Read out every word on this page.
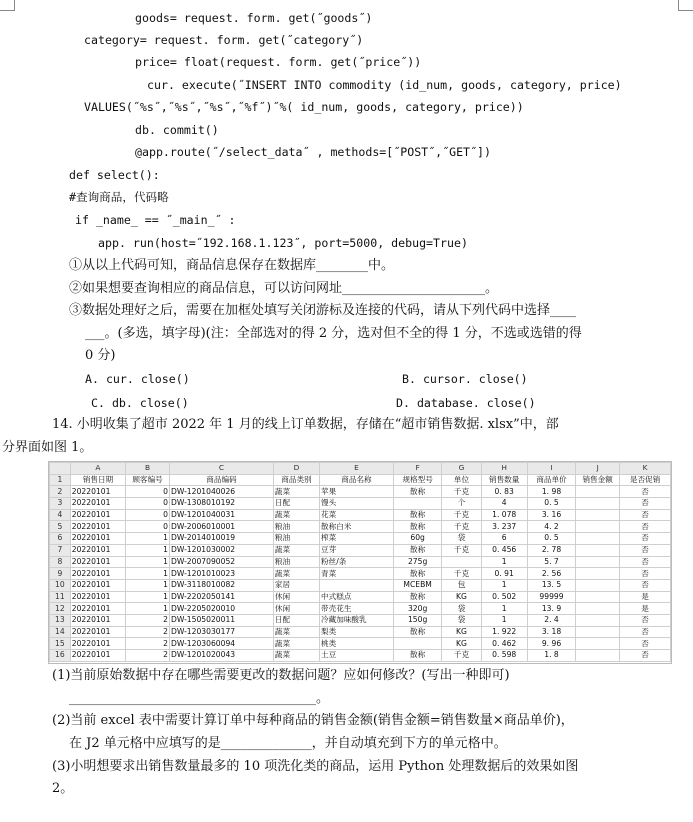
goods= request. form. get(˝goods˝)
category= request. form. get(˝category˝)
price= float(request. form. get(˝price˝))
cur. execute(˝INSERT INTO commodity (id_num, goods, category, price)
VALUES(˝%s˝,˝%s˝,˝%s˝,˝%f˝)˝%( id_num, goods, category, price))
db. commit()
@app.route(˝/select_data˝ , methods=[˝POST˝,˝GET˝])
def select():
#查询商品，代码略
if _name_ == ˝_main_˝ :
app. run(host=˝192.168.1.123˝, port=5000, debug=True)
①从以上代码可知，商品信息保存在数据库________中。
②如果想要查询相应的商品信息，可以访问网址______________________。
③数据处理好之后，需要在加框处填写关闭游标及连接的代码，请从下列代码中选择____
___。(多选，填字母)(注：全部选对的得 2 分，选对但不全的得 1 分，不选或选错的得
0 分)
A. cur. close()	B. cursor. close()
C. db. close()	D. database. close()
14. 小明收集了超市 2022 年 1 月的线上订单数据，存储在“超市销售数据. xlsx”中，部
分界面如图 1。
	A	B	C	D	E	F	G	H	I	J	K
1	销售日期	顾客编号	商品编码	商品类别	商品名称	规格型号	单位	销售数量	商品单价	销售金额	是否促销
2	20220101	0	DW-1201040026	蔬菜	苹果	散称	千克	0. 83	1. 98		否
3	20220101	0	DW-1308010192	日配	馒头		个	4	0. 5		否
4	20220101	0	DW-1201040031	蔬菜	花菜	散称	千克	1. 078	3. 16		否
5	20220101	0	DW-2006010001	粮油	散称白米	散称	千克	3. 237	4. 2		否
6	20220101	1	DW-2014010019	粮油	榨菜	60g	袋	6	0. 5		否
7	20220101	1	DW-1201030002	蔬菜	豆芽	散称	千克	0. 456	2. 78		否
8	20220101	1	DW-2007090052	粮油	粉丝/条	275g		1	5. 7		否
9	20220101	1	DW-1201010023	蔬菜	青菜	散称	千克	0. 91	2. 56		否
10	20220101	1	DW-3118010082	家居		MCEBM	包	1	13. 5		否
11	20220101	1	DW-2202050141	休闲	中式糕点	散称	KG	0. 502	99999		是
12	20220101	1	DW-2205020010	休闲	带壳花生	320g	袋	1	13. 9		是
13	20220101	2	DW-1505020011	日配	冷藏加味酸乳	150g	袋	1	2. 4		否
14	20220101	2	DW-1203030177	蔬菜	梨类	散称	KG	1. 922	3. 18		否
15	20220101	2	DW-1203060094	蔬菜	桃类		KG	0. 462	9. 96		否
16	20220101	2	DW-1201020043	蔬菜	土豆	散称	千克	0. 598	1. 8		否
(1)当前原始数据中存在哪些需要更改的数据问题？应如何修改？(写出一种即可)
______________________________________。
(2)当前 excel 表中需要计算订单中每种商品的销售金额(销售金额=销售数量×商品单价)，
在 J2 单元格中应填写的是______________，并自动填充到下方的单元格中。
(3)小明想要求出销售数量最多的 10 项洗化类的商品，运用 Python 处理数据后的效果如图
2。
